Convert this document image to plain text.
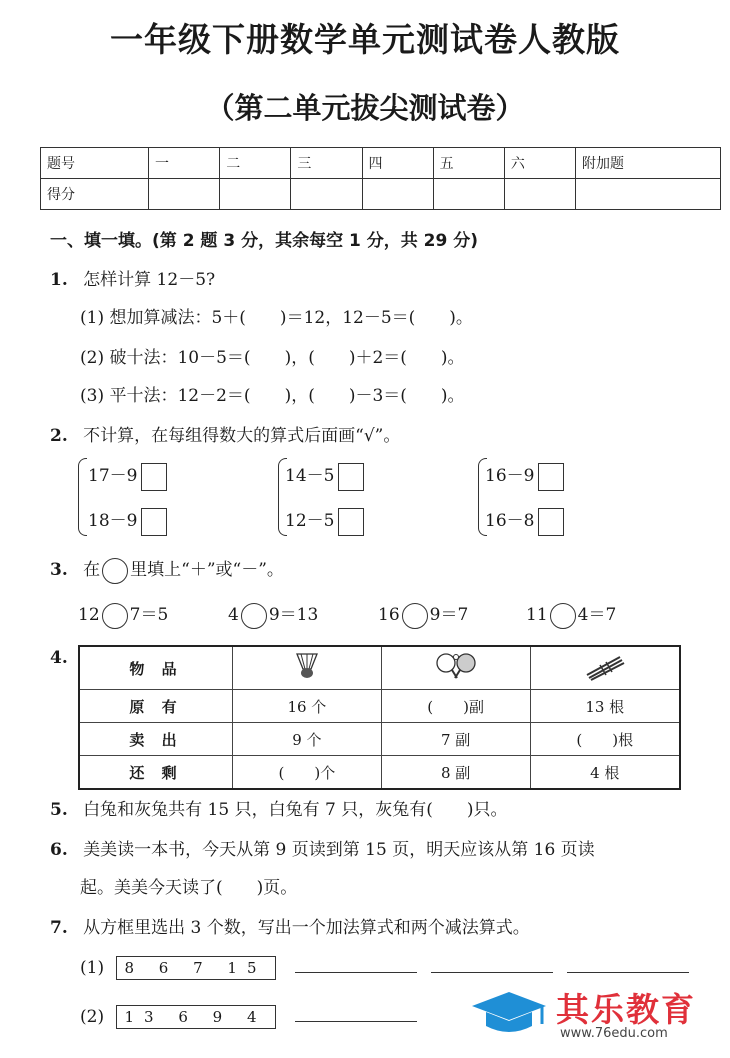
一年级下册数学单元测试卷人教版
（第二单元拔尖测试卷）
题号	一	二	三	四	五	六	附加题
得分							
一、填一填。(第 2 题 3 分，其余每空 1 分，共 29 分)
1. 怎样计算 12－5?
(1) 想加算减法：5＋(　　)＝12，12－5＝(　　)。
(2) 破十法：10－5＝(　　)，(　　)＋2＝(　　)。
(3) 平十法：12－2＝(　　)，(　　)－3＝(　　)。
2. 不计算，在每组得数大的算式后面画“√”。
17－9
18－9
14－5
12－5
16－9
16－8
3. 在 里填上“＋”或“－”。
12 7＝5	4 9＝13	16 9＝7	11 4＝7
4.
物 品			
原 有	16 个	(　　)副	13 根
卖 出	9 个	7 副	(　　)根
还 剩	(　　)个	8 副	4 根
5. 白兔和灰兔共有 15 只，白兔有 7 只，灰兔有(　　)只。
6. 美美读一本书，今天从第 9 页读到第 15 页，明天应该从第 16 页读
起。美美今天读了(　　)页。
7. 从方框里选出 3 个数，写出一个加法算式和两个减法算式。
(1) 8 6 7 15
(2) 13 6 9 4	其乐教育
www.76edu.com
